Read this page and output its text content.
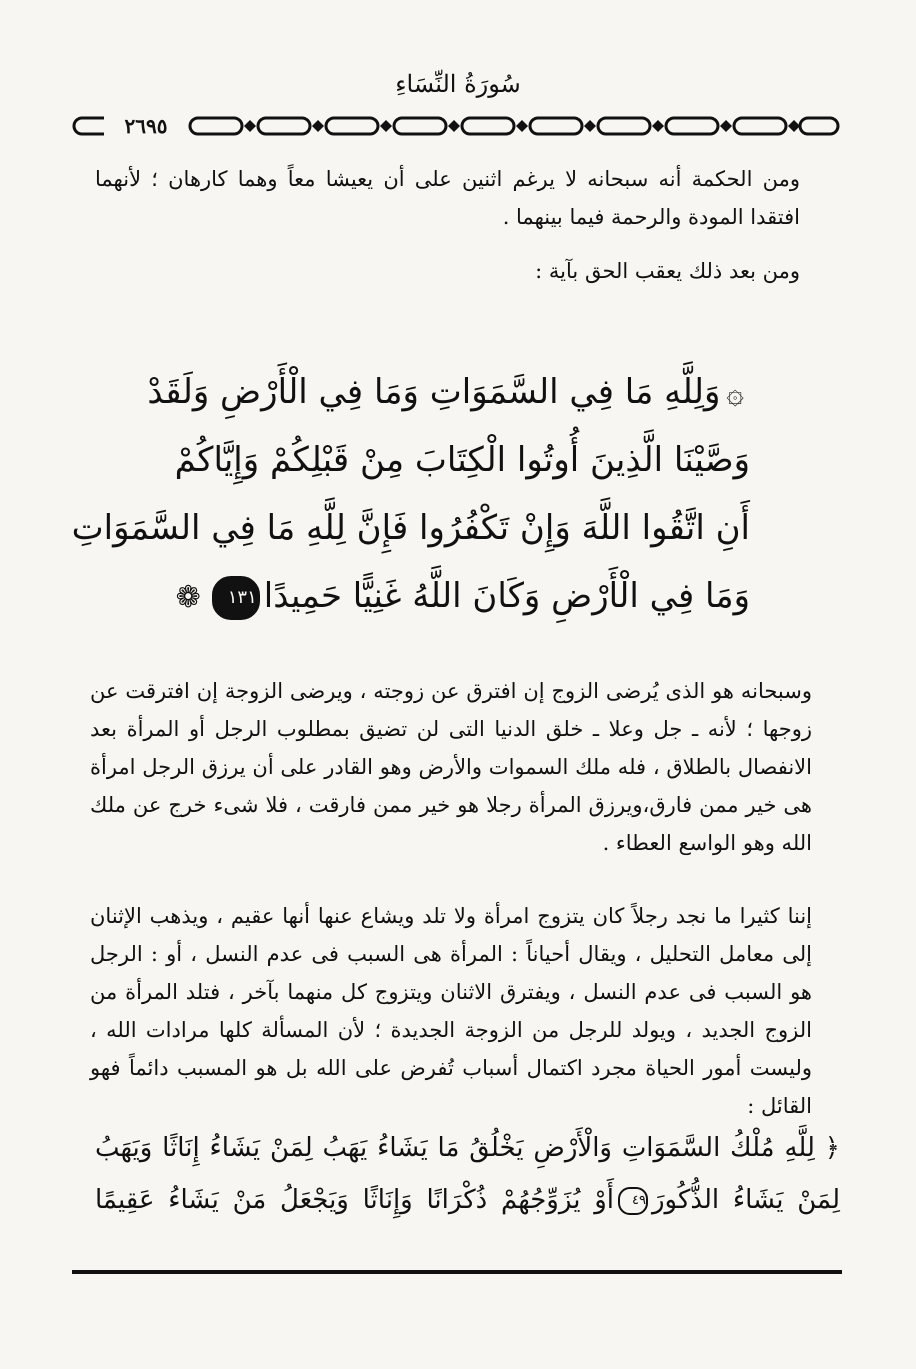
سُورَةُ النِّسَاءِ
٢٦٩٥
ومن الحكمة أنه سبحانه لا يرغم اثنين على أن يعيشا معاً وهما كارهان ؛ لأنهما افتقدا المودة والرحمة فيما بينهما .
ومن بعد ذلك يعقب الحق بآية :
۞وَلِلَّهِ مَا فِي السَّمَوَاتِ وَمَا فِي الْأَرْضِ وَلَقَدْ
وَصَّيْنَا الَّذِينَ أُوتُوا الْكِتَابَ مِنْ قَبْلِكُمْ وَإِيَّاكُمْ
أَنِ اتَّقُوا اللَّهَ وَإِنْ تَكْفُرُوا فَإِنَّ لِلَّهِ مَا فِي السَّمَوَاتِ
وَمَا فِي الْأَرْضِ وَكَانَ اللَّهُ غَنِيًّا حَمِيدًا١٣١❁
وسبحانه هو الذى يُرضى الزوج إن افترق عن زوجته ، ويرضى الزوجة إن افترقت عن زوجها ؛ لأنه ـ جل وعلا ـ خلق الدنيا التى لن تضيق بمطلوب الرجل أو المرأة بعد الانفصال بالطلاق ، فله ملك السموات والأرض وهو القادر على أن يرزق الرجل امرأة هى خير ممن فارق،ويرزق المرأة رجلا هو خير ممن فارقت ، فلا شىء خرج عن ملك الله وهو الواسع العطاء .
إننا كثيرا ما نجد رجلاً كان يتزوج امرأة ولا تلد ويشاع عنها أنها عقيم ، ويذهب الإثنان إلى معامل التحليل ، ويقال أحياناً : المرأة هى السبب فى عدم النسل ، أو : الرجل هو السبب فى عدم النسل ، ويفترق الاثنان ويتزوج كل منهما بآخر ، فتلد المرأة من الزوج الجديد ، ويولد للرجل من الزوجة الجديدة ؛ لأن المسألة كلها مرادات الله ، وليست أمور الحياة مجرد اكتمال أسباب تُفرض على الله بل هو المسبب دائماً فهو القائل :
﴿ لِلَّهِ مُلْكُ السَّمَوَاتِ وَالْأَرْضِ يَخْلُقُ مَا يَشَاءُ يَهَبُ لِمَنْ يَشَاءُ إِنَاثًا وَيَهَبُ
لِمَنْ يَشَاءُ الذُّكُورَ٤٩أَوْ يُزَوِّجُهُمْ ذُكْرَانًا وَإِنَاثًا وَيَجْعَلُ مَنْ يَشَاءُ عَقِيمًا
